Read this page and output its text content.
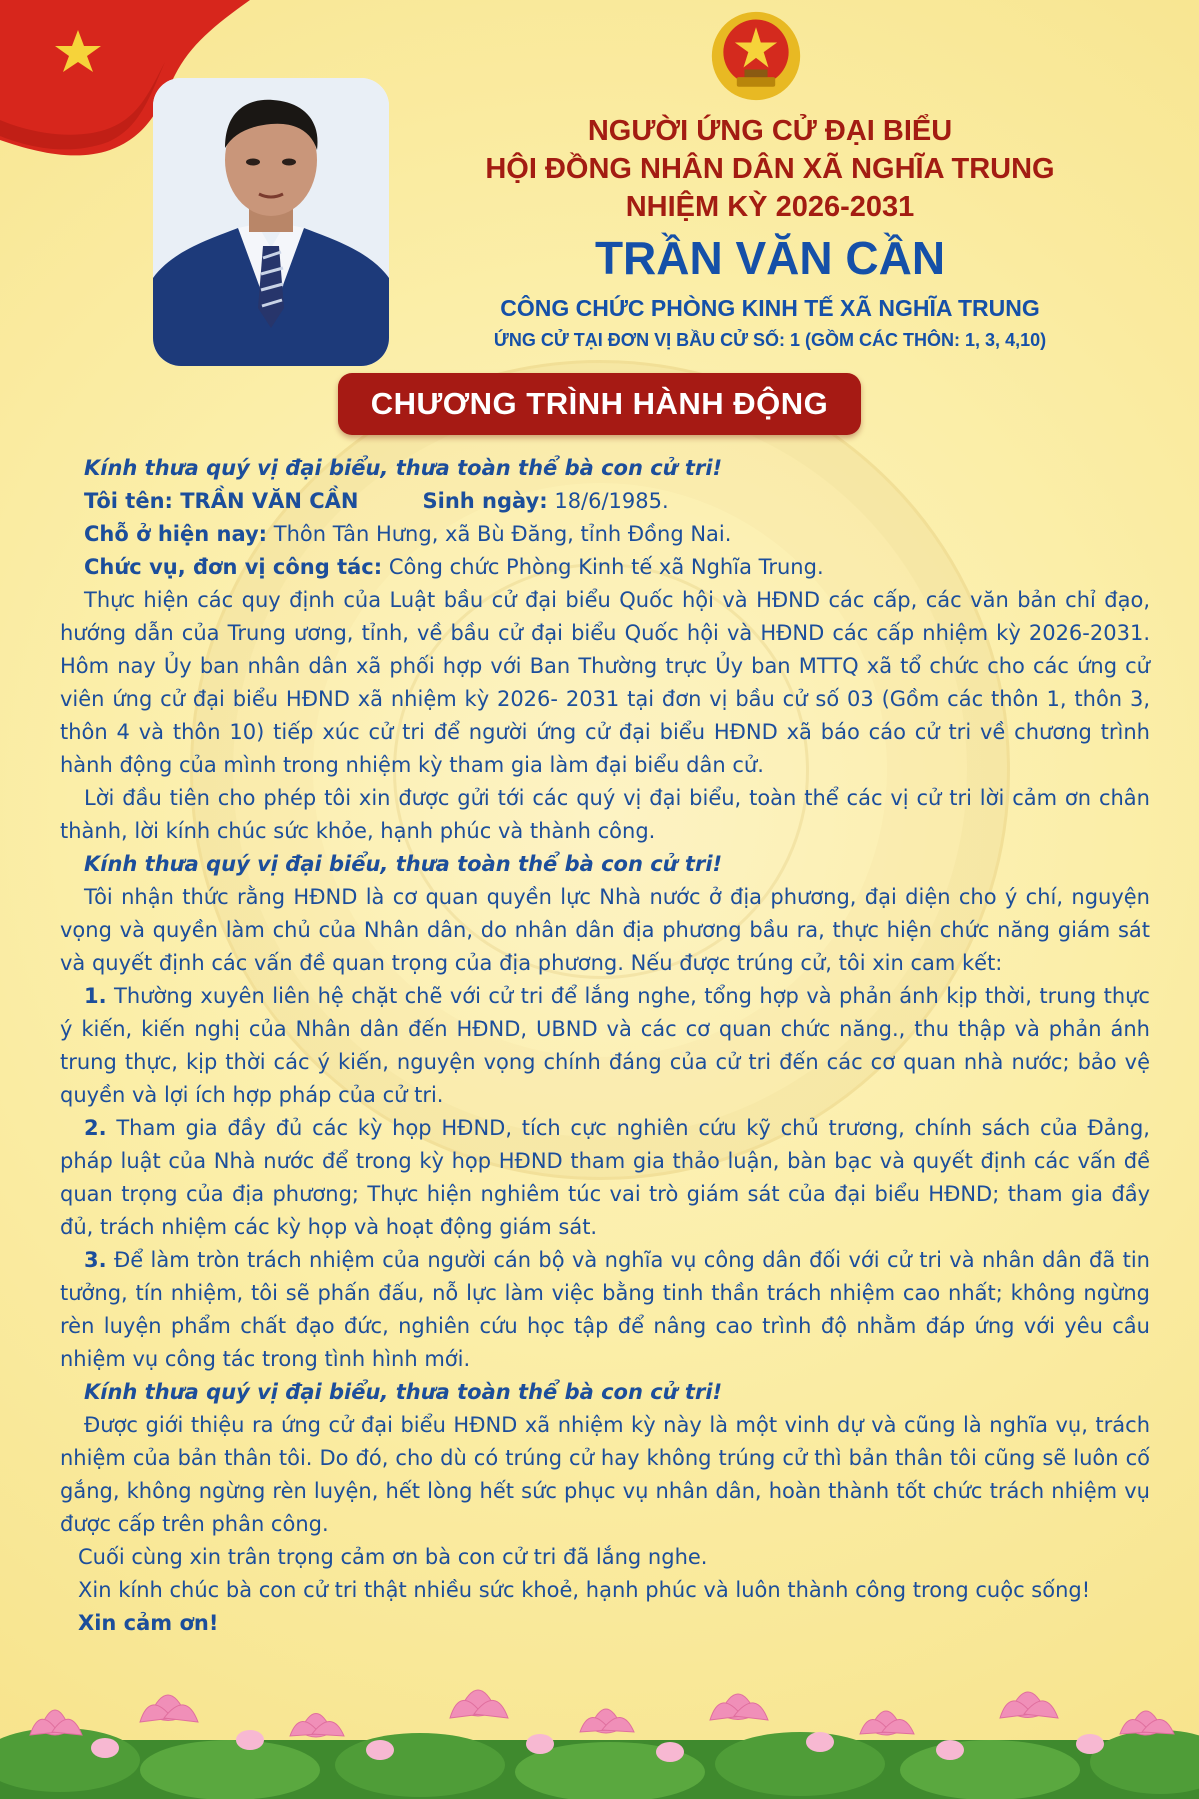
NGƯỜI ỨNG CỬ ĐẠI BIỂU
HỘI ĐỒNG NHÂN DÂN XÃ NGHĨA TRUNG
NHIỆM KỲ 2026-2031
TRẦN VĂN CẦN
CÔNG CHỨC PHÒNG KINH TẾ XÃ NGHĨA TRUNG
ỨNG CỬ TẠI ĐƠN VỊ BẦU CỬ SỐ: 1 (GỒM CÁC THÔN: 1, 3, 4,10)
CHƯƠNG TRÌNH HÀNH ĐỘNG

Kính thưa quý vị đại biểu, thưa toàn thể bà con cử tri!

Tôi tên: TRẦN VĂN CẦN	Sinh ngày: 18/6/1985.

Chỗ ở hiện nay: Thôn Tân Hưng, xã Bù Đăng, tỉnh Đồng Nai.

Chức vụ, đơn vị công tác: Công chức Phòng Kinh tế xã Nghĩa Trung.

Thực hiện các quy định của Luật bầu cử đại biểu Quốc hội và HĐND các cấp, các văn bản chỉ đạo, hướng dẫn của Trung ương, tỉnh, về bầu cử đại biểu Quốc hội và HĐND các cấp nhiệm kỳ 2026-2031. Hôm nay Ủy ban nhân dân xã phối hợp với Ban Thường trực Ủy ban MTTQ xã tổ chức cho các ứng cử viên ứng cử đại biểu HĐND xã nhiệm kỳ 2026- 2031 tại đơn vị bầu cử số 03 (Gồm các thôn 1, thôn 3, thôn 4 và thôn 10) tiếp xúc cử tri để người ứng cử đại biểu HĐND xã báo cáo cử tri về chương trình hành động của mình trong nhiệm kỳ tham gia làm đại biểu dân cử.

Lời đầu tiên cho phép tôi xin được gửi tới các quý vị đại biểu, toàn thể các vị cử tri lời cảm ơn chân thành, lời kính chúc sức khỏe, hạnh phúc và thành công.

Kính thưa quý vị đại biểu, thưa toàn thể bà con cử tri!

Tôi nhận thức rằng HĐND là cơ quan quyền lực Nhà nước ở địa phương, đại diện cho ý chí, nguyện vọng và quyền làm chủ của Nhân dân, do nhân dân địa phương bầu ra, thực hiện chức năng giám sát và quyết định các vấn đề quan trọng của địa phương. Nếu được trúng cử, tôi xin cam kết:

1. Thường xuyên liên hệ chặt chẽ với cử tri để lắng nghe, tổng hợp và phản ánh kịp thời, trung thực ý kiến, kiến nghị của Nhân dân đến HĐND, UBND và các cơ quan chức năng., thu thập và phản ánh trung thực, kịp thời các ý kiến, nguyện vọng chính đáng của cử tri đến các cơ quan nhà nước; bảo vệ quyền và lợi ích hợp pháp của cử tri.

2. Tham gia đầy đủ các kỳ họp HĐND, tích cực nghiên cứu kỹ chủ trương, chính sách của Đảng, pháp luật của Nhà nước để trong kỳ họp HĐND tham gia thảo luận, bàn bạc và quyết định các vấn đề quan trọng của địa phương; Thực hiện nghiêm túc vai trò giám sát của đại biểu HĐND; tham gia đầy đủ, trách nhiệm các kỳ họp và hoạt động giám sát.

3. Để làm tròn trách nhiệm của người cán bộ và nghĩa vụ công dân đối với cử tri và nhân dân đã tin tưởng, tín nhiệm, tôi sẽ phấn đấu, nỗ lực làm việc bằng tinh thần trách nhiệm cao nhất; không ngừng rèn luyện phẩm chất đạo đức, nghiên cứu học tập để nâng cao trình độ nhằm đáp ứng với yêu cầu nhiệm vụ công tác trong tình hình mới.

Kính thưa quý vị đại biểu, thưa toàn thể bà con cử tri!

Được giới thiệu ra ứng cử đại biểu HĐND xã nhiệm kỳ này là một vinh dự và cũng là nghĩa vụ, trách nhiệm của bản thân tôi. Do đó, cho dù có trúng cử hay không trúng cử thì bản thân tôi cũng sẽ luôn cố gắng, không ngừng rèn luyện, hết lòng hết sức phục vụ nhân dân, hoàn thành tốt chức trách nhiệm vụ được cấp trên phân công.

Cuối cùng xin trân trọng cảm ơn bà con cử tri đã lắng nghe.

Xin kính chúc bà con cử tri thật nhiều sức khoẻ, hạnh phúc và luôn thành công trong cuộc sống!

Xin cảm ơn!
